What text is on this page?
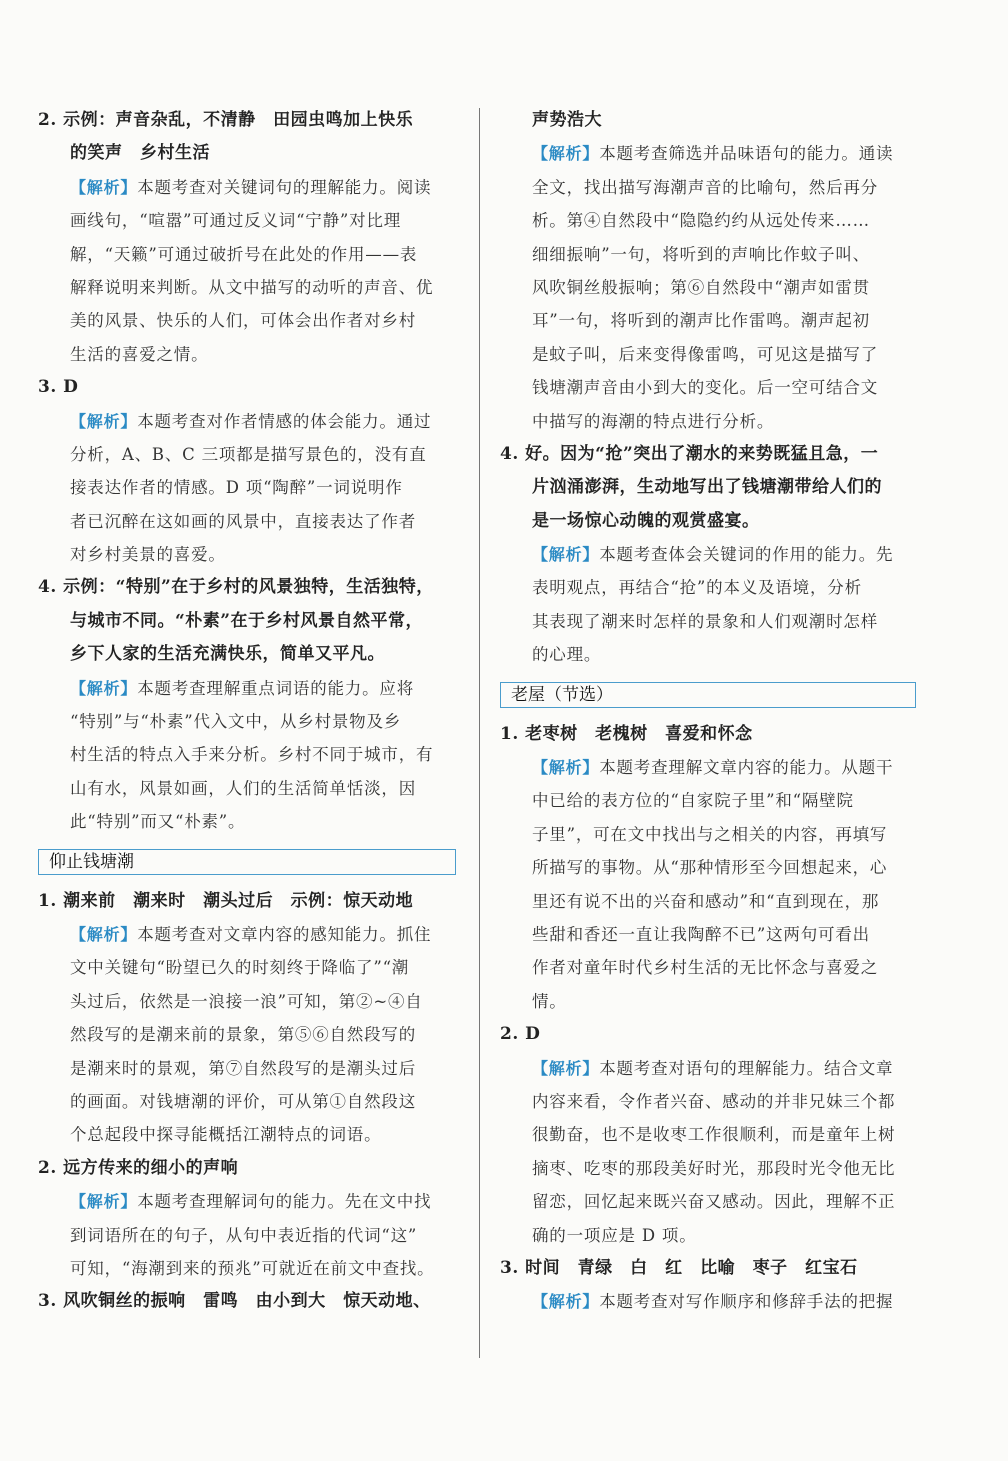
2. 示例：声音杂乱，不清静　田园虫鸣加上快乐
的笑声　乡村生活
【解析】本题考查对关键词句的理解能力。阅读
画线句，“喧嚣”可通过反义词“宁静”对比理
解，“天籁”可通过破折号在此处的作用——表
解释说明来判断。从文中描写的动听的声音、优
美的风景、快乐的人们，可体会出作者对乡村
生活的喜爱之情。
3. D
【解析】本题考查对作者情感的体会能力。通过
分析，A、B、C 三项都是描写景色的，没有直
接表达作者的情感。D 项“陶醉”一词说明作
者已沉醉在这如画的风景中，直接表达了作者
对乡村美景的喜爱。
4. 示例：“特别”在于乡村的风景独特，生活独特，
与城市不同。“朴素”在于乡村风景自然平常，
乡下人家的生活充满快乐，简单又平凡。
【解析】本题考查理解重点词语的能力。应将
“特别”与“朴素”代入文中，从乡村景物及乡
村生活的特点入手来分析。乡村不同于城市，有
山有水，风景如画，人们的生活简单恬淡，因
此“特别”而又“朴素”。
仰止钱塘潮
1. 潮来前　潮来时　潮头过后　示例：惊天动地
【解析】本题考查对文章内容的感知能力。抓住
文中关键句“盼望已久的时刻终于降临了”“潮
头过后，依然是一浪接一浪”可知，第②~④自
然段写的是潮来前的景象，第⑤⑥自然段写的
是潮来时的景观，第⑦自然段写的是潮头过后
的画面。对钱塘潮的评价，可从第①自然段这
个总起段中探寻能概括江潮特点的词语。
2. 远方传来的细小的声响
【解析】本题考查理解词句的能力。先在文中找
到词语所在的句子，从句中表近指的代词“这”
可知，“海潮到来的预兆”可就近在前文中查找。
3. 风吹铜丝的振响　雷鸣　由小到大　惊天动地、
声势浩大
【解析】本题考查筛选并品味语句的能力。通读
全文，找出描写海潮声音的比喻句，然后再分
析。第④自然段中“隐隐约约从远处传来……
细细振响”一句，将听到的声响比作蚊子叫、
风吹铜丝般振响；第⑥自然段中“潮声如雷贯
耳”一句，将听到的潮声比作雷鸣。潮声起初
是蚊子叫，后来变得像雷鸣，可见这是描写了
钱塘潮声音由小到大的变化。后一空可结合文
中描写的海潮的特点进行分析。
4. 好。因为“抢”突出了潮水的来势既猛且急，一
片汹涌澎湃，生动地写出了钱塘潮带给人们的
是一场惊心动魄的观赏盛宴。
【解析】本题考查体会关键词的作用的能力。先
表明观点，再结合“抢”的本义及语境，分析
其表现了潮来时怎样的景象和人们观潮时怎样
的心理。
老屋（节选）
1. 老枣树　老槐树　喜爱和怀念
【解析】本题考查理解文章内容的能力。从题干
中已给的表方位的“自家院子里”和“隔壁院
子里”，可在文中找出与之相关的内容，再填写
所描写的事物。从“那种情形至今回想起来，心
里还有说不出的兴奋和感动”和“直到现在，那
些甜和香还一直让我陶醉不已”这两句可看出
作者对童年时代乡村生活的无比怀念与喜爱之
情。
2. D
【解析】本题考查对语句的理解能力。结合文章
内容来看，令作者兴奋、感动的并非兄妹三个都
很勤奋，也不是收枣工作很顺利，而是童年上树
摘枣、吃枣的那段美好时光，那段时光令他无比
留恋，回忆起来既兴奋又感动。因此，理解不正
确的一项应是 D 项。
3. 时间　青绿　白　红　比喻　枣子　红宝石
【解析】本题考查对写作顺序和修辞手法的把握
